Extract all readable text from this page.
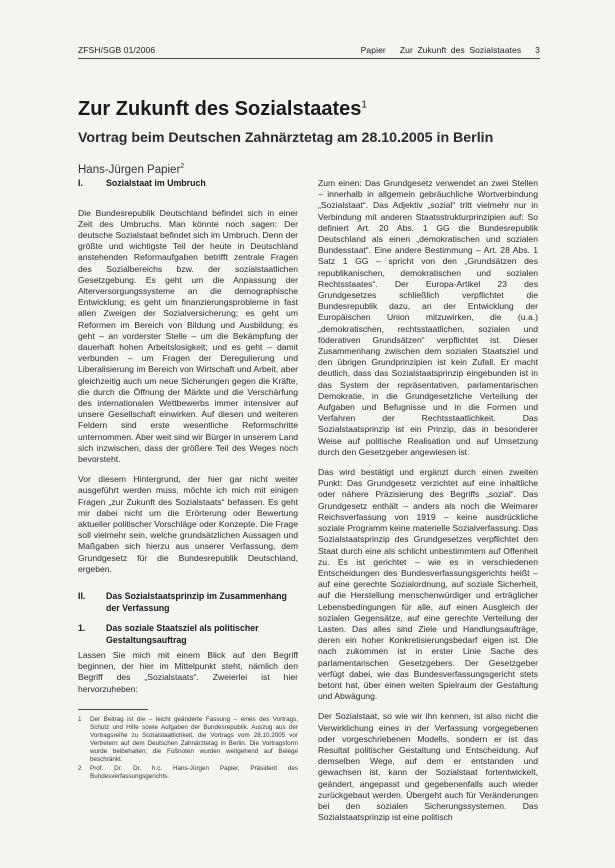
ZFSH/SGB 01/2006	Papier Zur Zukunft des Sozialstaates 3
Zur Zukunft des Sozialstaates$^1$
Vortrag beim Deutschen Zahnärztetag am 28.10.2005 in Berlin
Hans-Jürgen Papier$^2$
I.	Sozialstaat im Umbruch

Die Bundesrepublik Deutschland befindet sich in einer Zeit des Umbruchs. Man könnte noch sagen: Der deutsche Sozialstaat befindet sich im Umbruch. Denn der größte und wichtigste Teil der heute in Deutschland anstehenden Reformaufgaben betrifft zentrale Fragen des Sozialbereichs bzw. der sozialstaatlichen Gesetzgebung. Es geht um die Anpassung der Alterversorgungssysteme an die demographische Entwicklung; es geht um finanzierungsprobleme in fast allen Zweigen der Sozialversicherung; es geht um Reformen im Bereich von Bildung und Ausbildung; es geht – an vorderster Stelle – um die Bekämpfung der dauerhaft hohen Arbeitslosigkeit; und es geht – damit verbunden – um Fragen der Deregulierung und Liberalisierung im Bereich von Wirtschaft und Arbeit, aber gleichzeitig auch um neue Sicherungen gegen die Kräfte, die durch die Öffnung der Märkte und die Verschärfung des internationalen Wettbewerbs immer intensiver auf unsere Gesellschaft einwirken. Auf diesen und weiteren Feldern sind erste wesentliche Reformschritte unternommen. Aber weit sind wir Bürger in unserem Land sich inzwischen, dass der größere Teil des Weges noch bevorsteht.

Vor diesem Hintergrund, der hier gar nicht weiter ausgeführt werden muss, möchte ich mich mit einigen Fragen „zur Zukunft des Sozialstaats“ befassen. Es geht mir dabei nicht um die Erörterung oder Bewertung aktueller politischer Vorschläge oder Konzepte. Die Frage soll vielmehr sein, welche grundsätzlichen Aussagen und Maßgaben sich hierzu aus unserer Verfassung, dem Grundgesetz für die Bundesrepublik Deutschland, ergeben.

II. Das Sozialstaatsprinzip im Zusammenhang der Verfassung
1. Das soziale Staatsziel als politischer Gestaltungsauftrag

Lassen Sie mich mit einem Blick auf den Begriff beginnen, der hier im Mittelpunkt steht, nämlich den Begriff des „Sozialstaats“. Zweierlei ist hier hervorzuheben:

1 Der Beitrag ist die – leicht geänderte Fassung – eines des Vortrags, Schutz und Hilfe sowie Aufgaben der Bundesrepublik. Auszug aus der Vortragsreihe zu Sozialstaatlichkeit, die Vortrags vom 28.10.2005 vor Vertretern auf dem Deutschen Zahnärztetag in Berlin. Die Vortragsform wurde beibehalten; die Fußnoten wurden weitgehend auf Belege beschränkt.
2 Prof. Dr. Dr. h.c. Hans-Jürgen Papier, Präsident des Bundesverfassungsgerichts.

Zum einen: Das Grundgesetz verwendet an zwei Stellen – innerhalb in allgemein gebräuchliche Wortverbindung „Sozialstaat“. Das Adjektiv „sozial“ tritt vielmehr nur in Verbindung mit anderen Staatsstrukturprinzipien auf: So definiert Art. 20 Abs. 1 GG die Bundesrepublik Deutschland als einen „demokratischen und sozialen Bundesstaat“. Eine andere Bestimmung – Art. 28 Abs. 1 Satz 1 GG – spricht von den „Grundsätzen des republikanischen, demokratischen und sozialen Rechtsstaates“. Der Europa-Artikel 23 des Grundgesetzes schließlich verpflichtet die Bundesrepublik dazu, an der Entwicklung der Europäischen Union mitzuwirken, die (u.a.) „demokratischen, rechtsstaatlichen, sozialen und föderativen Grundsätzen“ verpflichtet ist. Dieser Zusammenhang zwischen dem sozialen Staatsziel und den übrigen Grundprinzipien ist kein Zufall. Er macht deutlich, dass das Sozialstaatsprinzip eingebunden ist in das System der repräsentativen, parlamentarischen Demokratie, in die Grundgesetzliche Verteilung der Aufgaben und Befugnisse und in die Formen und Verfahren der Rechtsstaatlichkeit. Das Sozialstaatsprinzip ist ein Prinzip, das in besonderer Weise auf politische Realisation und auf Umsetzung durch den Gesetzgeber angewiesen ist.

Das wird bestätigt und ergänzt durch einen zweiten Punkt: Das Grundgesetz verzichtet auf eine inhaltliche oder nähere Präzisierung des Begriffs „sozial“. Das Grundgesetz enthält – anders als noch die Weimarer Reichsverfassung von 1919 – keine ausdrückliche soziale Programm keine materielle Sozialverfassung. Das Sozialstaatsprinzip des Grundgesetzes verpflichtet den Staat durch eine als schlicht unbestimmtem auf Offenheit zu. Es ist gerichtet – wie es in verschiedenen Entscheidungen des Bundesverfassungsgerichts heißt – auf eine gerechte Sozialordnung, auf soziale Sicherheit, auf die Herstellung menschenwürdiger und erträglicher Lebensbedingungen für alle, auf einen Ausgleich der sozialen Gegensätze, auf eine gerechte Verteilung der Lasten. Das alles sind Ziele und Handlungsaufträge, deren ein hoher Konkretisierungsbedarf eigen ist. Die nach zukommen ist in erster Linie Sache des parlamentarischen Gesetzgebers. Der Gesetzgeber verfügt dabei, wie das Bundesverfassungsgericht stets betont hat, über einen weiten Spielraum der Gestaltung und Abwägung.

Der Sozialstaat, so wie wir ihn kennen, ist also nicht die Verwirklichung eines in der Verfassung vorgegebenen oder vorgeschriebenen Modells, sondern er ist das Resultat politischer Gestaltung und Entscheidung. Auf demselben Wege, auf dem er entstanden und gewachsen ist, kann der Sozialstaat fortentwickelt, geändert, angepasst und gegebenenfalls auch wieder zurückgebaut werden. Übergeht auch für Veränderungen bei den sozialen Sicherungssystemen. Das Sozialstaatsprinzip ist eine politisch
